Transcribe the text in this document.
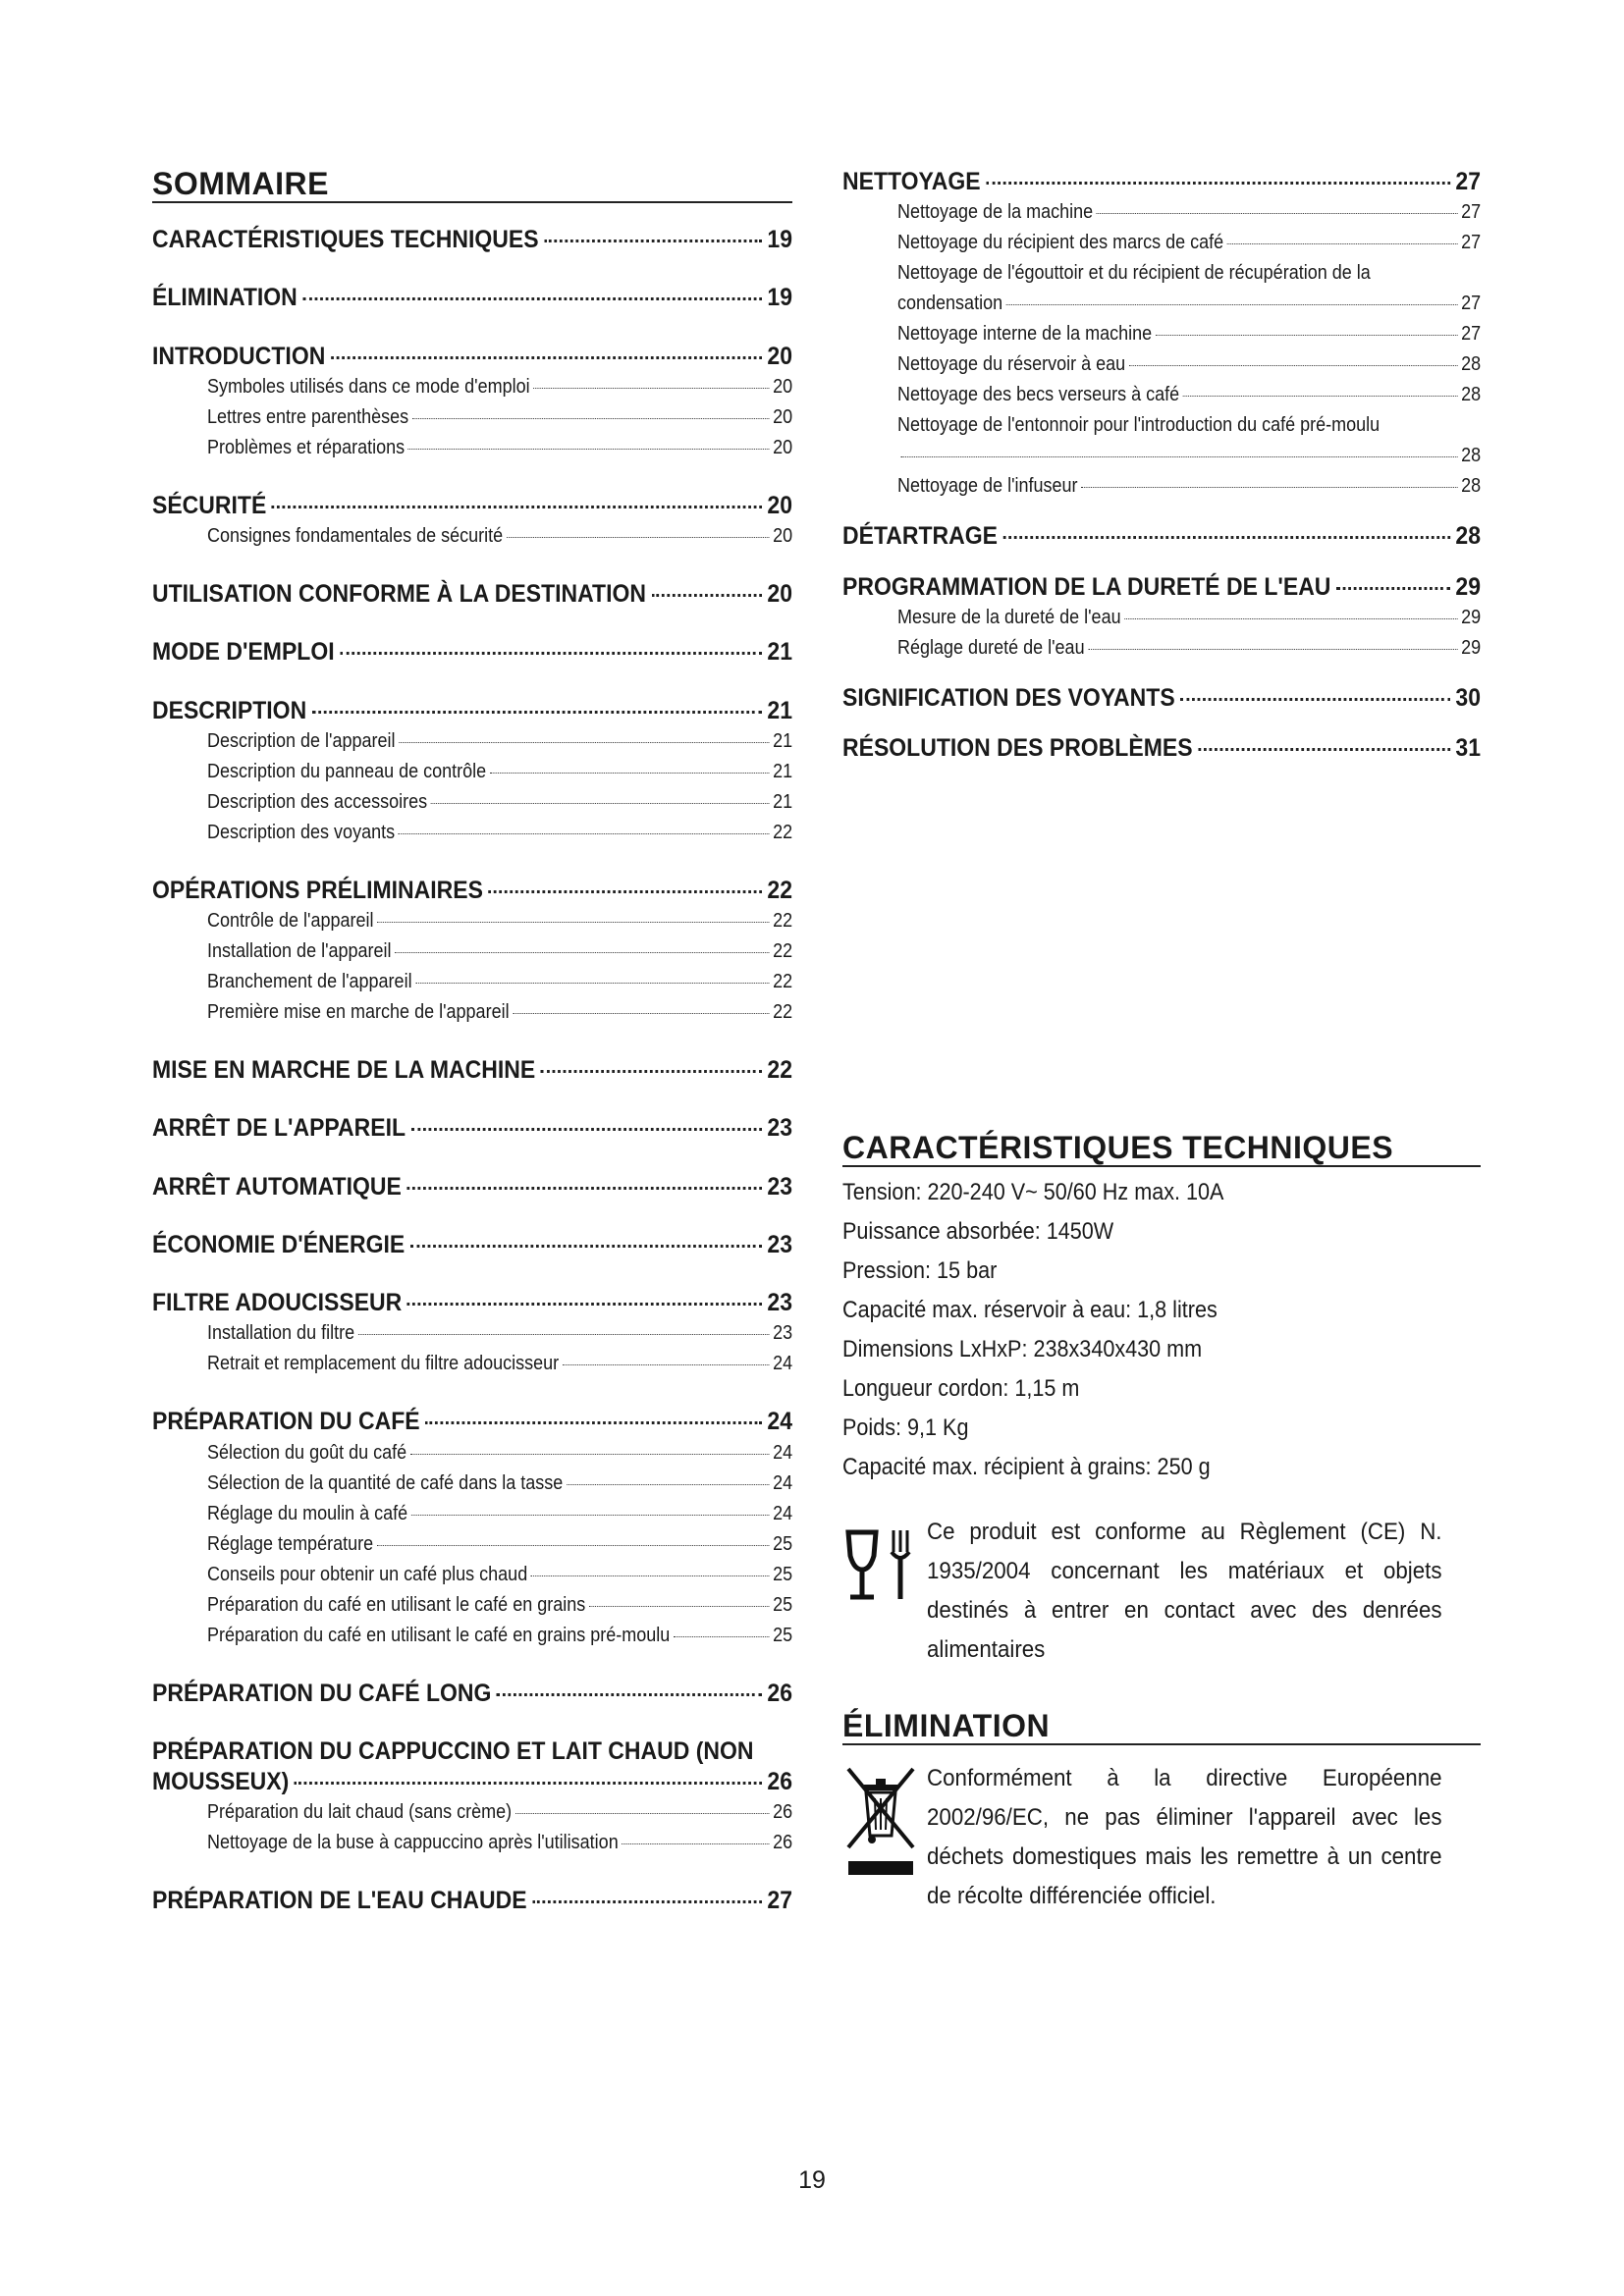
SOMMAIRE
CARACTÉRISTIQUES TECHNIQUES	19
ÉLIMINATION	19
INTRODUCTION	20
Symboles utilisés dans ce mode d'emploi	20
Lettres entre parenthèses	20
Problèmes et réparations	20
SÉCURITÉ	20
Consignes fondamentales de sécurité	20
UTILISATION CONFORME À LA DESTINATION	20
MODE D'EMPLOI	21
DESCRIPTION	21
Description de l'appareil	21
Description du panneau de contrôle	21
Description des accessoires	21
Description des voyants	22
OPÉRATIONS PRÉLIMINAIRES	22
Contrôle de l'appareil	22
Installation de l'appareil	22
Branchement de l'appareil	22
Première mise en marche de l'appareil	22
MISE EN MARCHE DE LA MACHINE	22
ARRÊT DE L'APPAREIL	23
ARRÊT AUTOMATIQUE	23
ÉCONOMIE D'ÉNERGIE	23
FILTRE ADOUCISSEUR	23
Installation du filtre	23
Retrait et remplacement du filtre adoucisseur	24
PRÉPARATION DU CAFÉ	24
Sélection du goût du café	24
Sélection de la quantité de café dans la tasse	24
Réglage du moulin à café	24
Réglage température	25
Conseils pour obtenir un café plus chaud	25
Préparation du café en utilisant le café en grains	25
Préparation du café en utilisant le café en grains pré-moulu	25
PRÉPARATION DU CAFÉ LONG	26
PRÉPARATION DU CAPPUCCINO ET LAIT CHAUD (NON
MOUSSEUX)	26
Préparation du lait chaud (sans crème)	26
Nettoyage de la buse à cappuccino après l'utilisation	26
PRÉPARATION DE L'EAU CHAUDE	27
NETTOYAGE	27
Nettoyage de la machine	27
Nettoyage du récipient des marcs de café	27
Nettoyage de l'égouttoir et du récipient de récupération de la
condensation	27
Nettoyage interne de la machine	27
Nettoyage du réservoir à eau	28
Nettoyage des becs verseurs à café	28
Nettoyage de l'entonnoir pour l'introduction du café pré-moulu
28
Nettoyage de l'infuseur	28
DÉTARTRAGE	28
PROGRAMMATION DE LA DURETÉ DE L'EAU	29
Mesure de la dureté de l'eau	29
Réglage dureté de l'eau	29
SIGNIFICATION DES VOYANTS	30
RÉSOLUTION DES PROBLÈMES	31
CARACTÉRISTIQUES TECHNIQUES
Tension: 220-240 V~ 50/60 Hz max. 10A
Puissance absorbée: 1450W
Pression: 15 bar
Capacité max. réservoir à eau: 1,8 litres
Dimensions LxHxP: 238x340x430 mm
Longueur cordon: 1,15 m
Poids: 9,1 Kg
Capacité max. récipient à grains: 250 g
Ce produit est conforme au Règlement (CE) N. 1935/2004 concernant les matériaux et objets destinés à entrer en contact avec des denrées alimentaires
ÉLIMINATION
Conformément à la directive Européenne 2002/96/EC, ne pas éliminer l'appareil avec les déchets domestiques mais les remettre à un centre de récolte différenciée officiel.
19
